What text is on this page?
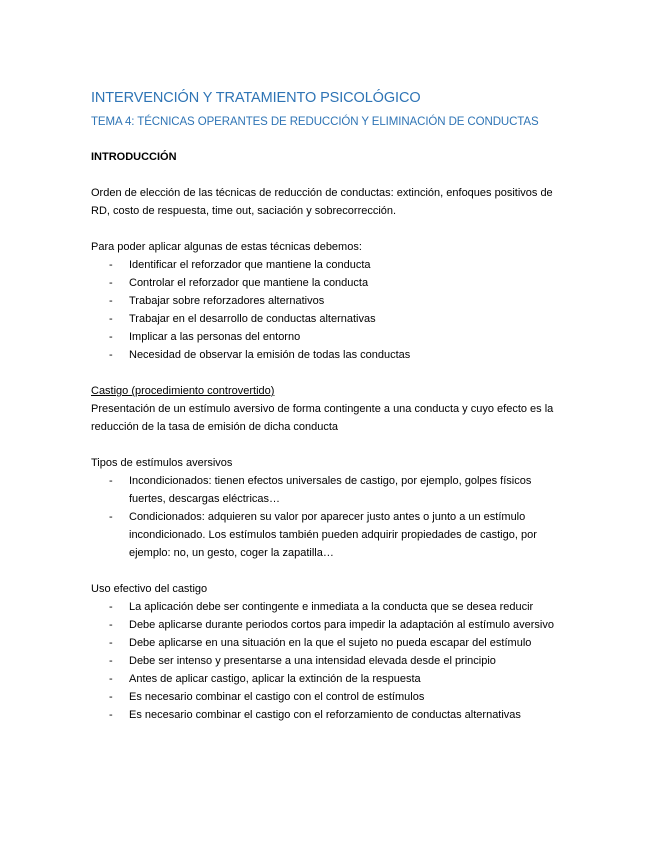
INTERVENCIÓN Y TRATAMIENTO PSICOLÓGICO
TEMA 4: TÉCNICAS OPERANTES DE REDUCCIÓN Y ELIMINACIÓN DE CONDUCTAS
INTRODUCCIÓN

Orden de elección de las técnicas de reducción de conductas: extinción, enfoques positivos de RD, costo de respuesta, time out, saciación y sobrecorrección.

Para poder aplicar algunas de estas técnicas debemos:

- Identificar el reforzador que mantiene la conducta
- Controlar el reforzador que mantiene la conducta
- Trabajar sobre reforzadores alternativos
- Trabajar en el desarrollo de conductas alternativas
- Implicar a las personas del entorno
- Necesidad de observar la emisión de todas las conductas

Castigo (procedimiento controvertido)

Presentación de un estímulo aversivo de forma contingente a una conducta y cuyo efecto es la reducción de la tasa de emisión de dicha conducta

Tipos de estímulos aversivos

- Incondicionados: tienen efectos universales de castigo, por ejemplo, golpes físicos fuertes, descargas eléctricas…
- Condicionados: adquieren su valor por aparecer justo antes o junto a un estímulo incondicionado. Los estímulos también pueden adquirir propiedades de castigo, por ejemplo: no, un gesto, coger la zapatilla…

Uso efectivo del castigo

- La aplicación debe ser contingente e inmediata a la conducta que se desea reducir
- Debe aplicarse durante periodos cortos para impedir la adaptación al estímulo aversivo
- Debe aplicarse en una situación en la que el sujeto no pueda escapar del estímulo
- Debe ser intenso y presentarse a una intensidad elevada desde el principio
- Antes de aplicar castigo, aplicar la extinción de la respuesta
- Es necesario combinar el castigo con el control de estímulos
- Es necesario combinar el castigo con el reforzamiento de conductas alternativas
